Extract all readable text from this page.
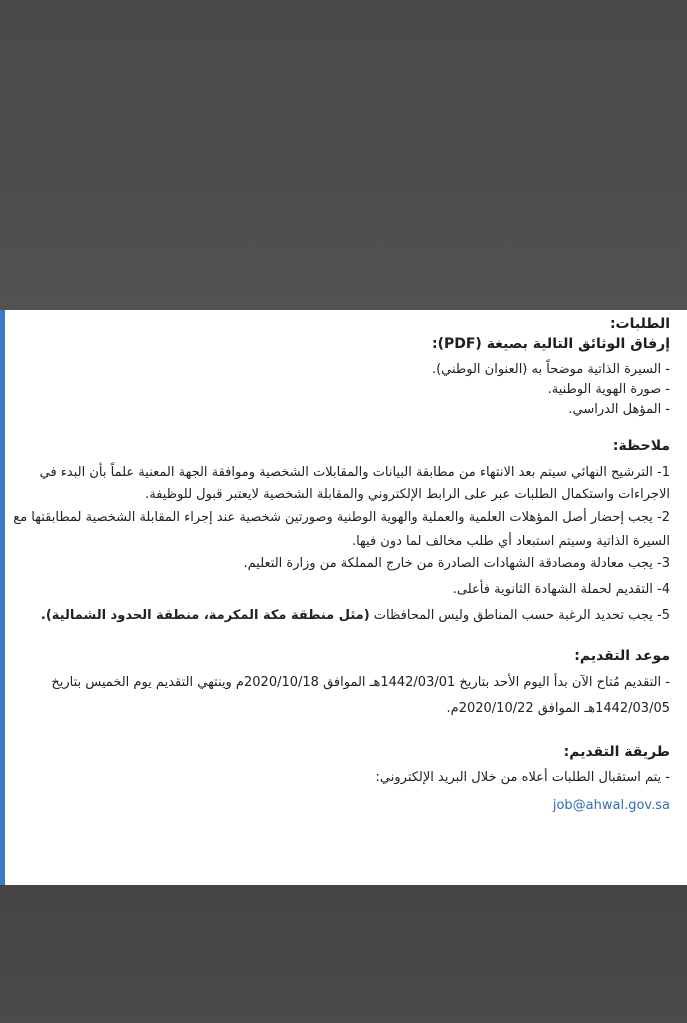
الطلبات:

إرفاق الوثائق التالية بصيغة (PDF):

- السيرة الذاتية موضحاً به (العنوان الوطني).

- صورة الهوية الوطنية.

- المؤهل الدراسي.

ملاحظة:

1- الترشيح النهائي سيتم بعد الانتهاء من مطابقة البيانات والمقابلات الشخصية وموافقة الجهة المعنية علماً بأن البدء في الاجراءات واستكمال الطلبات عبر على الرابط الإلكتروني والمقابلة الشخصية لايعتبر قبول للوظيفة.

2- يجب إحضار أصل المؤهلات العلمية والعملية والهوية الوطنية وصورتين شخصية عند إجراء المقابلة الشخصية لمطابقتها مع السيرة الذاتية وسيتم استبعاد أي طلب مخالف لما دون فيها.

3- يجب معادلة ومصادقة الشهادات الصادرة من خارج المملكة من وزارة التعليم.

4- التقديم لحملة الشهادة الثانوية فأعلى.

5- يجب تحديد الرغبة حسب المناطق وليس المحافظات (مثل منطقة مكة المكرمة، منطقة الحدود الشمالية).

موعد التقديم:

- التقديم مُتاح الآن بدأ اليوم الأحد بتاريخ 1442/03/01هـ الموافق 2020/10/18م وينتهي التقديم يوم الخميس بتاريخ 1442/03/05هـ الموافق 2020/10/22م.

طريقة التقديم:

- يتم استقبال الطلبات أعلاه من خلال البريد الإلكتروني:

job@ahwal.gov.sa
